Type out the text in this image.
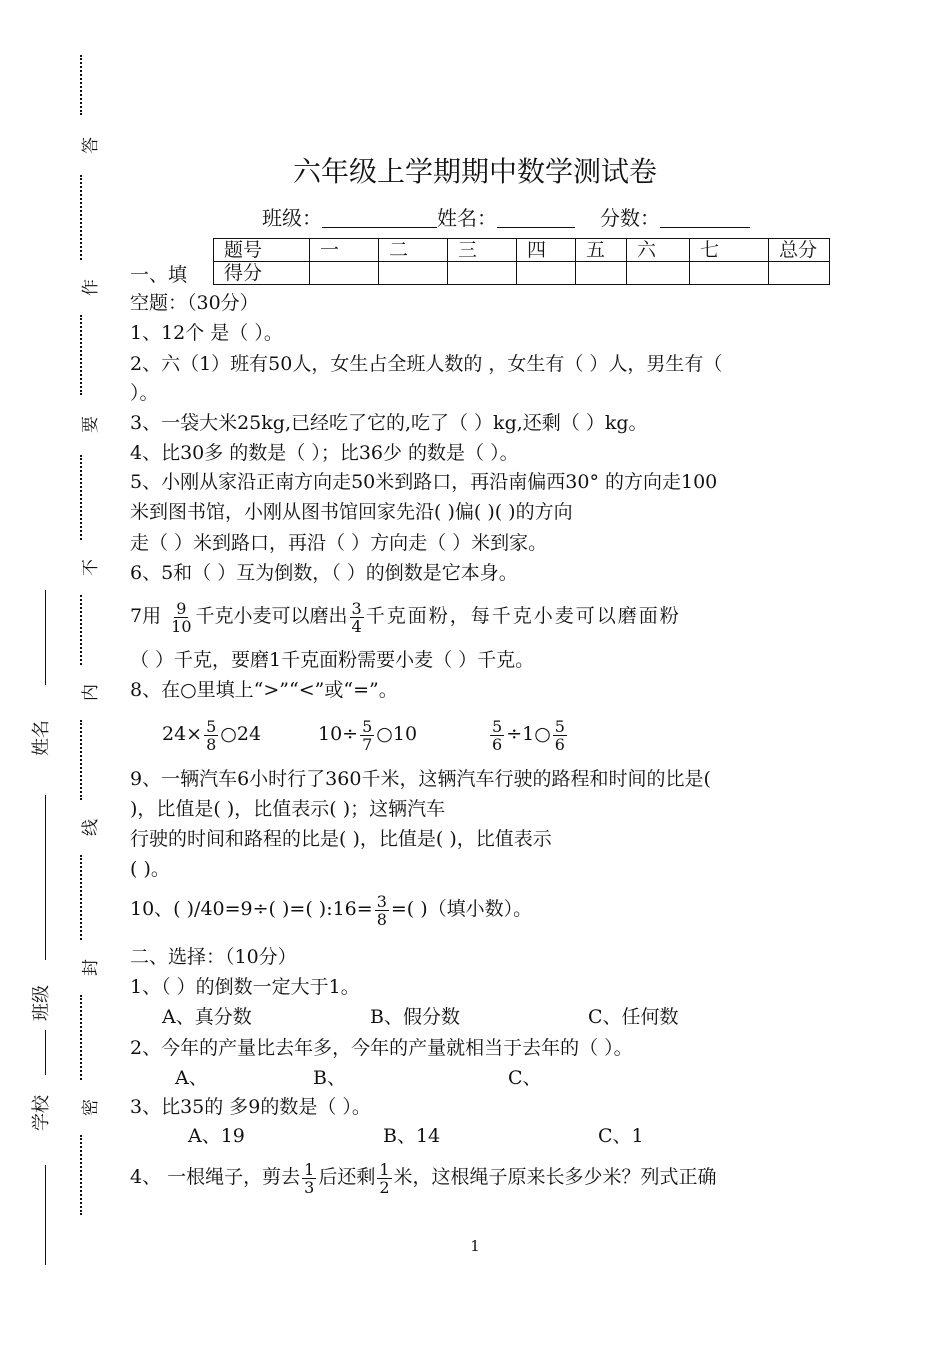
姓名
班级
学校
答
作
要
不
内
线
封
密
六年级上学期期中数学测试卷
班级：	姓名：	分数：
题号	一	二	三	四	五	六	七	总分
得分								
一、填
空题：（30分）
1、12个 是（ ）。
2、六（1）班有50人，女生占全班人数的 ，女生有（ ）人，男生有（
）。
3、一袋大米25kg,已经吃了它的,吃了（ ）kg,还剩（ ）kg。
4、比30多 的数是（ ）；比36少 的数是（ ）。
5、小刚从家沿正南方向走50米到路口，再沿南偏西30° 的方向走100
米到图书馆，小刚从图书馆回家先沿( )偏( )( )的方向
走（ ）米到路口，再沿（ ）方向走（ ）米到家。
6、5和（ ）互为倒数，（ ）的倒数是它本身。
7用 $\frac{9}{10}$ 千克小麦可以磨出 $\frac{3}{4}$ 千克面粉，每千克小麦可以磨面粉
（ ）千克，要磨1千克面粉需要小麦（ ）千克。
8、在○里填上“>”“<”或“=”。
$24\times \frac{5}{8}$ ○24	$10\div \frac{5}{7}$ ○10	$\frac{5}{6}$ ÷1○ $\frac{5}{6}$
9、一辆汽车6小时行了360千米，这辆汽车行驶的路程和时间的比是(
)，比值是( )，比值表示( )；这辆汽车
行驶的时间和路程的比是( )，比值是( )，比值表示
( )。
10、( )/40=9÷( )=( ):16= $\frac{3}{8}$ =( )（填小数）。
二、选择：（10分）
1、（ ）的倒数一定大于1。
A、真分数	B、假分数	C、任何数
2、今年的产量比去年多，今年的产量就相当于去年的（ ）。
A、	B、	C、
3、比35的 多9的数是（ ）。
A、19	B、14	C、1
4、 一根绳子，剪去 $\frac{1}{3}$ 后还剩 $\frac{1}{2}$ 米，这根绳子原来长多少米？列式正确
1
